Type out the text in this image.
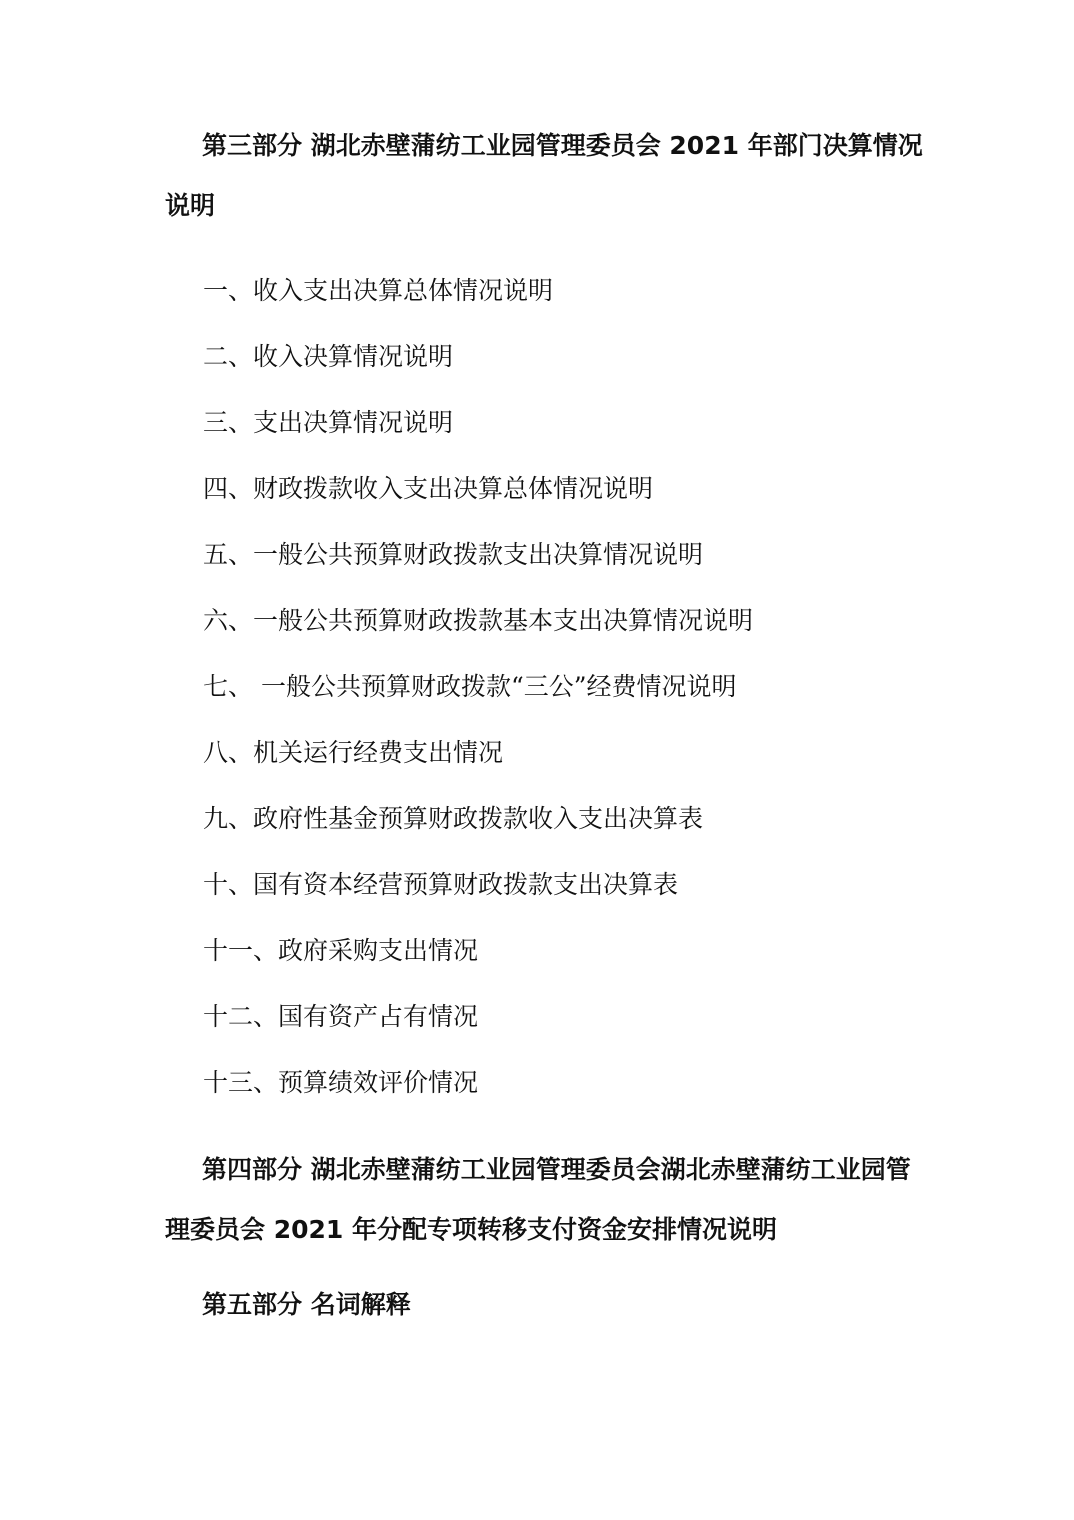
第三部分 湖北赤壁蒲纺工业园管理委员会 2021 年部门决算情况说明

一、收入支出决算总体情况说明
二、收入决算情况说明
三、支出决算情况说明
四、财政拨款收入支出决算总体情况说明
五、一般公共预算财政拨款支出决算情况说明
六、一般公共预算财政拨款基本支出决算情况说明
七、 一般公共预算财政拨款“三公”经费情况说明
八、机关运行经费支出情况
九、政府性基金预算财政拨款收入支出决算表
十、国有资本经营预算财政拨款支出决算表
十一、政府采购支出情况
十二、国有资产占有情况
十三、预算绩效评价情况

第四部分 湖北赤壁蒲纺工业园管理委员会湖北赤壁蒲纺工业园管理委员会 2021 年分配专项转移支付资金安排情况说明

第五部分 名词解释
